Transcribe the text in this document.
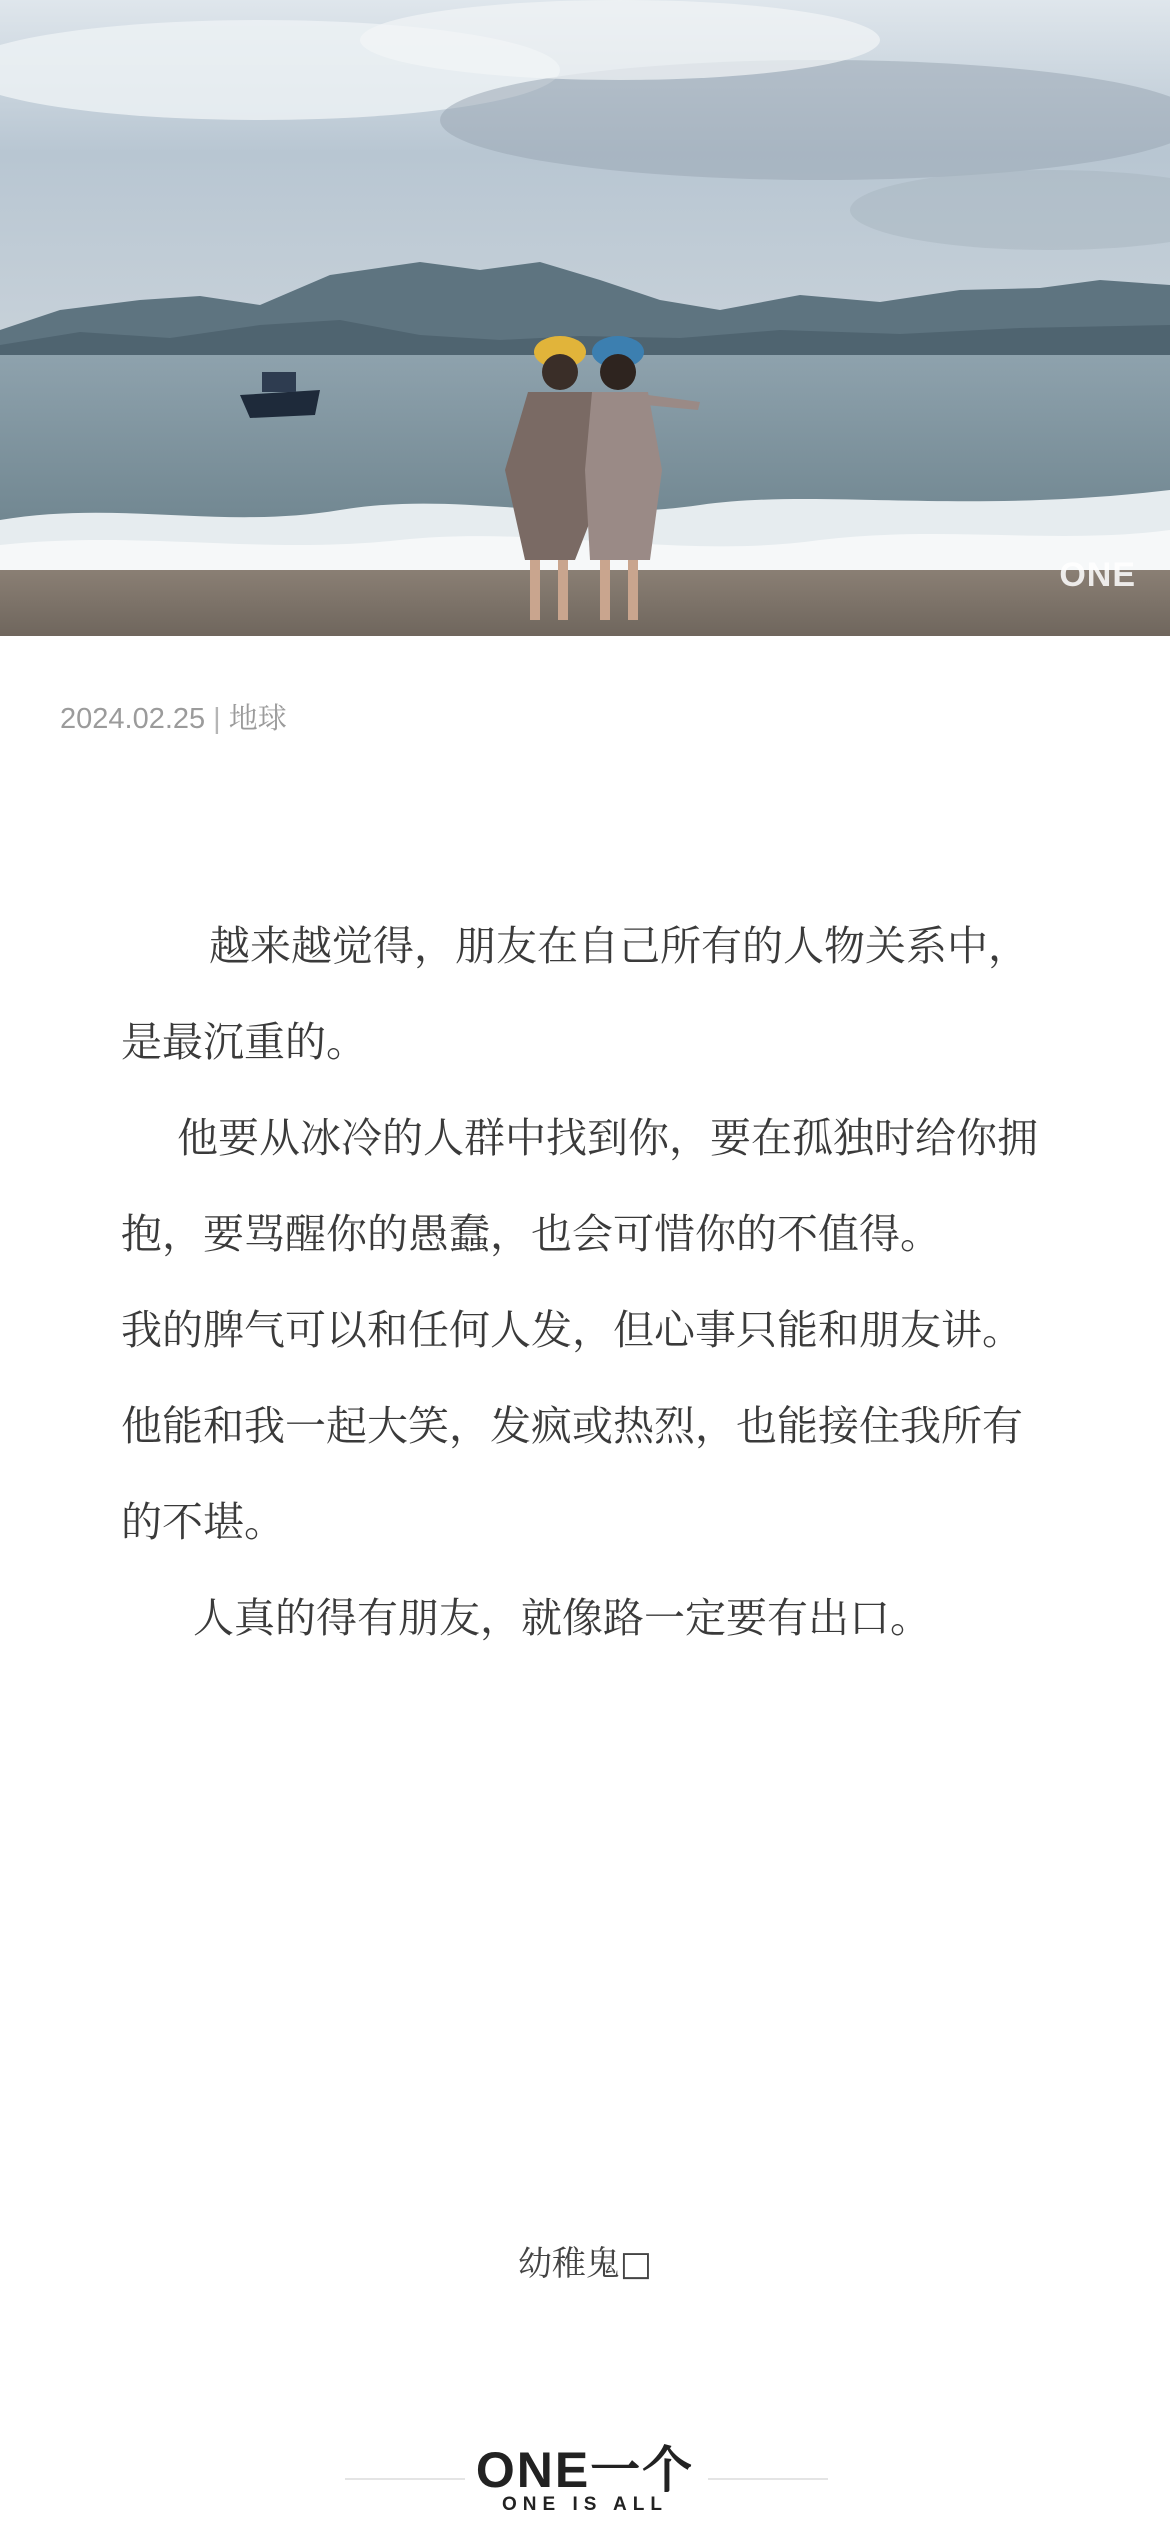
ONE
2024.02.25 | 地球

越来越觉得，朋友在自己所有的人物关系中，是最沉重的。

他要从冰冷的人群中找到你，要在孤独时给你拥抱，要骂醒你的愚蠢，也会可惜你的不值得。

我的脾气可以和任何人发，但心事只能和朋友讲。他能和我一起大笑，发疯或热烈，也能接住我所有的不堪。

人真的得有朋友，就像路一定要有出口。

幼稚鬼□
ONE一个
ONE IS ALL
